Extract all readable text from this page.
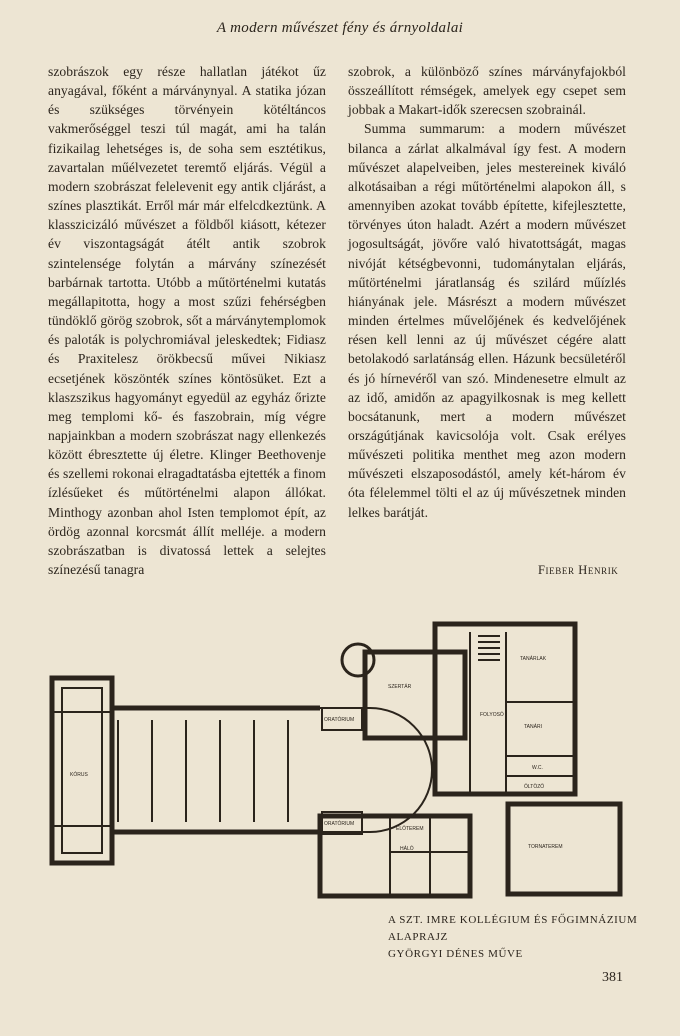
A modern művészet fény és árnyoldalai

szobrászok egy része hallatlan játékot űz anyagával, főként a márványnyal. A statika józan és szükséges törvényein kötéltáncos vakmerőséggel teszi túl magát, ami ha talán fizikailag lehetséges is, de soha sem esztétikus, zavartalan műélvezetet teremtő eljárás. Végül a modern szobrászat felelevenit egy antik cljárást, a színes plasztikát. Erről már már elfelcdkeztünk. A klasszicizáló művészet a földből kiásott, kétezer év viszontagságát átélt antik szobrok szintelensége folytán a márvány színezését barbárnak tartotta. Utóbb a műtörténelmi kutatás megállapitotta, hogy a most szűzi fehérségben tündöklő görög szobrok, sőt a márványtemplomok és paloták is polychromiával jeleskedtek; Fidiasz és Praxitelesz örökbecsű művei Nikiasz ecsetjének köszönték színes köntösüket. Ezt a klaszszikus hagyományt egyedül az egyház őrizte meg templomi kő- és faszobrain, míg végre napjainkban a modern szobrászat nagy ellenkezés között ébresztette új életre. Klinger Beethovenje és szellemi rokonai elragadtatásba ejtették a finom ízlésűeket és műtörténelmi alapon állókat. Minthogy azonban ahol Isten templomot épít, az ördög azonnal korcsmát állít melléje. a modern szobrászatban is divatossá lettek a selejtes színezésű tanagra

szobrok, a különböző színes márványfajokból összeállított rémségek, amelyek egy csepet sem jobbak a Makart-idők szerecsen szobrainál.

Summa summarum: a modern művészet bilanca a zárlat alkalmával így fest. A modern művészet alapelveiben, jeles mestereinek kiváló alkotásaiban a régi műtörténelmi alapokon áll, s amennyiben azokat tovább építette, kifejlesztette, törvényes úton haladt. Azért a modern művészet jogosultságát, jövőre való hivatottságát, magas nivóját kétségbevonni, tudománytalan eljárás, műtörténelmi járatlanság és szilárd műízlés hiányának jele. Másrészt a modern művészet minden értelmes művelőjének és kedvelőjének résen kell lenni az új művészet cégére alatt betolakodó sarlatánság ellen. Házunk becsületéről és jó hírnevéről van szó. Mindenesetre elmult az az idő, amidőn az apagyilkosnak is meg kellett bocsátanunk, mert a modern művészet országútjának kavicsolója volt. Csak erélyes művészeti politika menthet meg azon modern művészeti elszaposodástól, amely két-három év óta félelemmel tölti el az új művészetnek minden lelkes barátját.

Fieber Henrik
KÓRUS
SZERTÁR
ORATÓRIUM
ORATÓRIUM
TANÁRLAK
TANÁRI
TORNATEREM
HÁLÓ
FOLYOSÓ
W.C.
ÖLTÖZŐ
ELŐTEREM
A SZT. IMRE KOLLÉGIUM ÉS FŐGIMNÁZIUM
ALAPRAJZ
GYÖRGYI DÉNES MŰVE
381
